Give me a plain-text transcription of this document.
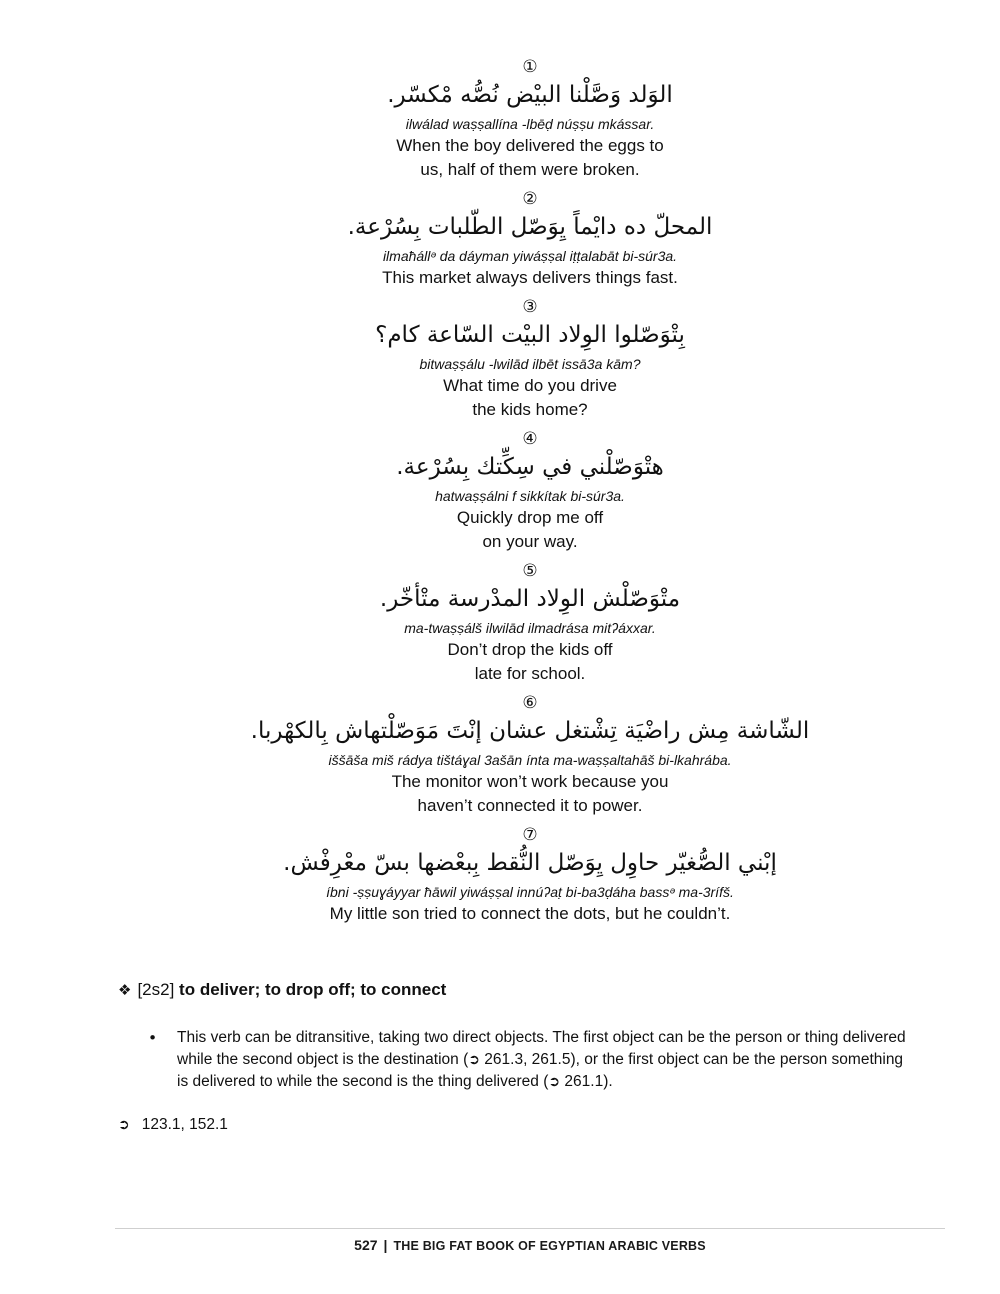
①
الوَلد وَصَّلْنا البيْض نُصُّه مْكسّر.
ilwálad waṣṣallína -lbēḍ núṣṣu mkássar.
When the boy delivered the eggs to
us, half of them were broken.
②
المحلّ ده دايْماً يِوَصّل الطّلبات بِسُرْعة.
ilmaħállᵊ da dáyman yiwáṣṣal iṭṭalabāt bi-súr3a.
This market always delivers things fast.
③
بِتْوَصّلوا الوِلاد البيْت السّاعة كام؟
bitwaṣṣálu -lwilād ilbēt issā3a kām?
What time do you drive
the kids home?
④
هتْوَصّلْني في سِكِّتك بِسُرْعة.
hatwaṣṣálni f sikkítak bi-súr3a.
Quickly drop me off
on your way.
⑤
متْوَصّلْش الوِلاد المدْرسة متْأخّر.
ma-twaṣṣálš ilwilād ilmadrása mitʔáxxar.
Don’t drop the kids off
late for school.
⑥
الشّاشة مِش راضْيَة تِشْتغل عشان إنْتَ مَوَصّلْتهاش بِالكهْربا.
iššāša miš rádya tištáɣal 3ašān ínta ma-waṣṣaltahāš bi-lkahrába.
The monitor won’t work because you
haven’t connected it to power.
⑦
إبْني الصُّغيّر حاوِل يِوَصّل النُّقط بِبعْضها بسّ معْرِفْش.
íbni -ṣṣuɣáyyar ħāwil yiwáṣṣal innúʔaṭ bi-ba3ḍáha bassᵊ ma-3rífš.
My little son tried to connect the dots, but he couldn’t.
❖ [2s2] to deliver; to drop off; to connect
• This verb can be ditransitive, taking two direct objects. The first object can be the person or thing delivered while the second object is the destination (➲ 261.3, 261.5), or the first object can be the person something is delivered to while the second is the thing delivered (➲ 261.1).
➲ 123.1, 152.1
527 | THE BIG FAT BOOK OF EGYPTIAN ARABIC VERBS
